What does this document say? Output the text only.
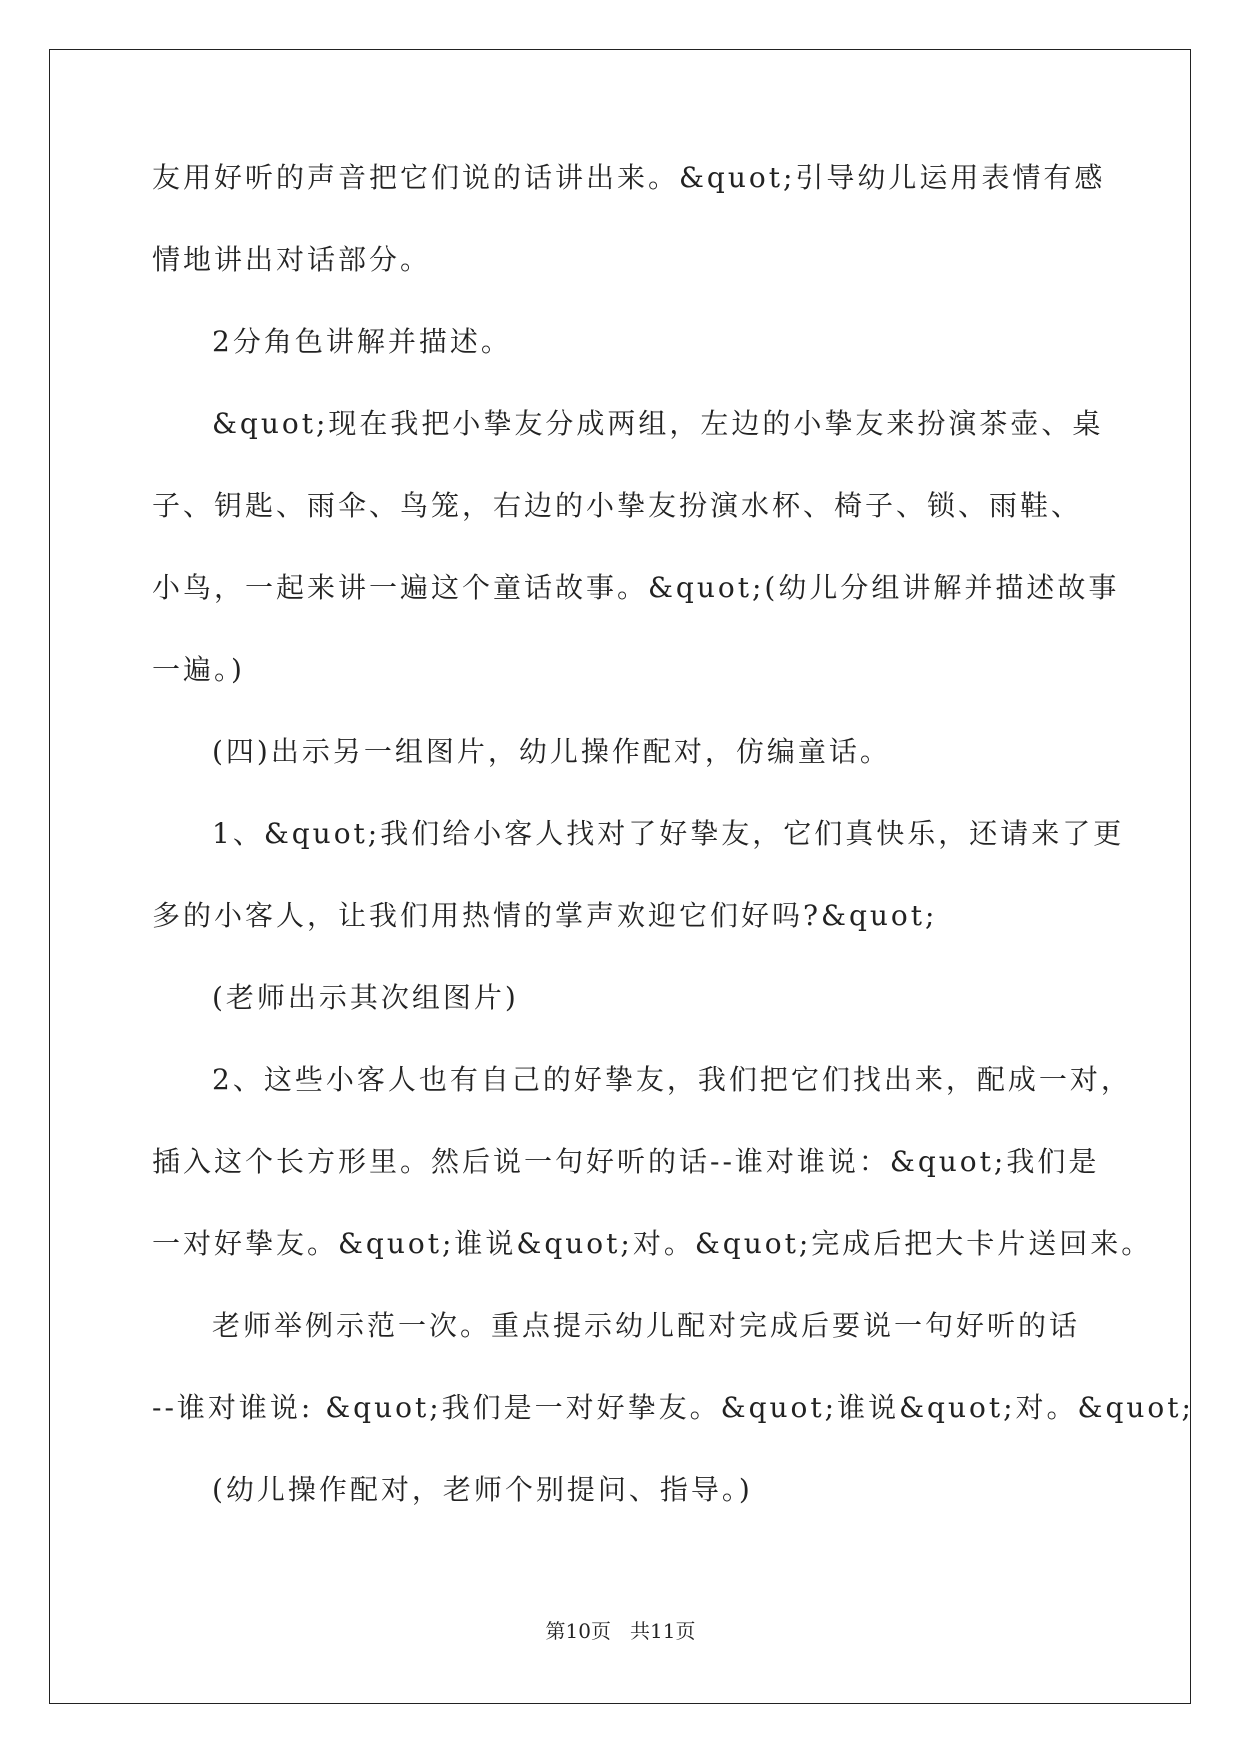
友用好听的声音把它们说的话讲出来。&quot;引导幼儿运用表情有感
情地讲出对话部分。
2分角色讲解并描述。
&quot;现在我把小挚友分成两组，左边的小挚友来扮演茶壶、桌
子、钥匙、雨伞、鸟笼，右边的小挚友扮演水杯、椅子、锁、雨鞋、
小鸟，一起来讲一遍这个童话故事。&quot;(幼儿分组讲解并描述故事
一遍。)
(四)出示另一组图片，幼儿操作配对，仿编童话。
1、&quot;我们给小客人找对了好挚友，它们真快乐，还请来了更
多的小客人，让我们用热情的掌声欢迎它们好吗?&quot;
(老师出示其次组图片)
2、这些小客人也有自己的好挚友，我们把它们找出来，配成一对，
插入这个长方形里。然后说一句好听的话--谁对谁说：&quot;我们是
一对好挚友。&quot;谁说&quot;对。&quot;完成后把大卡片送回来。
老师举例示范一次。重点提示幼儿配对完成后要说一句好听的话
--谁对谁说: &quot;我们是一对好挚友。&quot;谁说&quot;对。&quot;
(幼儿操作配对，老师个别提问、指导。)
第10页 共11页
